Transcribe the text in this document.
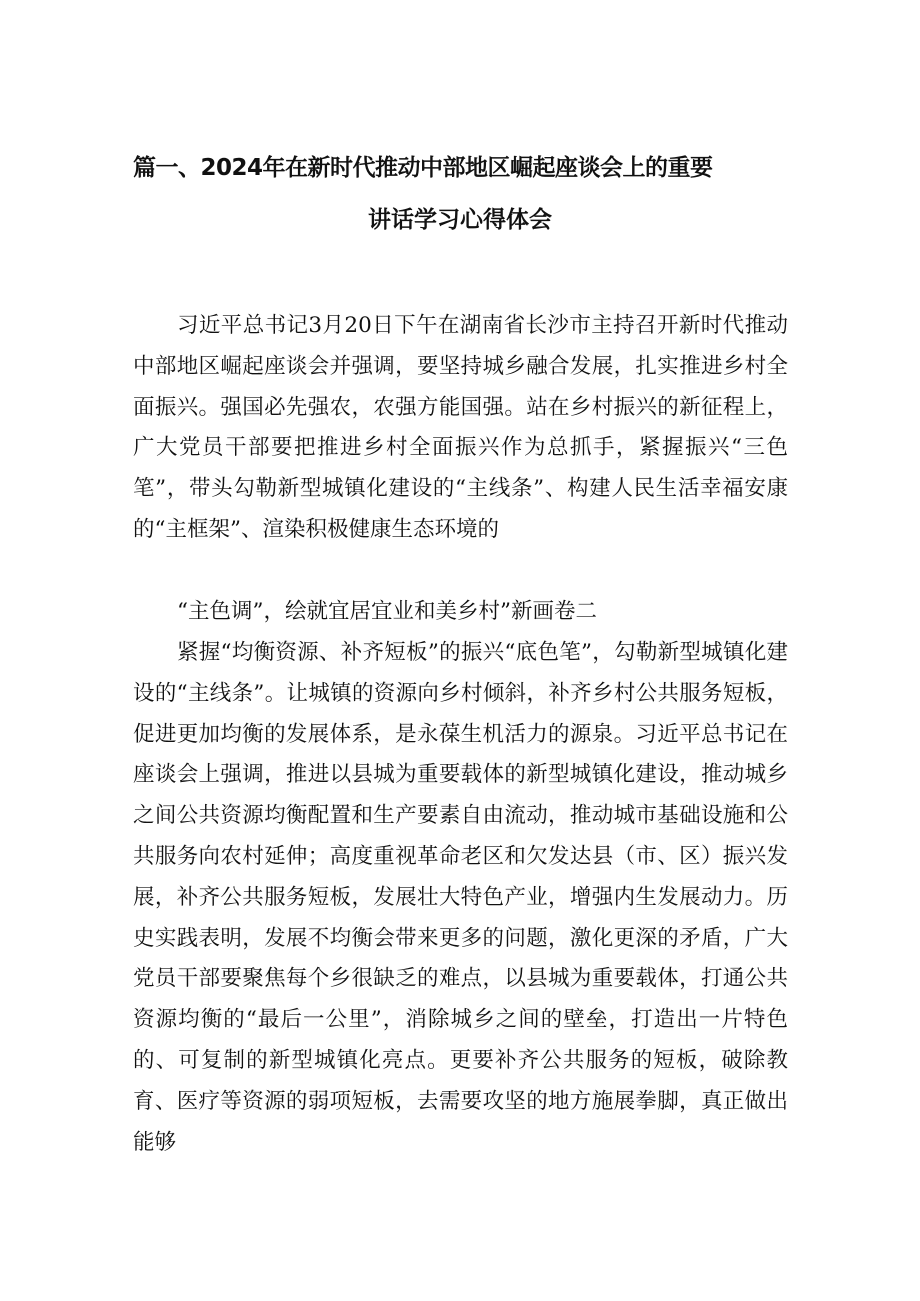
篇一、2024年在新时代推动中部地区崛起座谈会上的重要
讲话学习心得体会

习近平总书记3月20日下午在湖南省长沙市主持召开新时代推动中部地区崛起座谈会并强调，要坚持城乡融合发展，扎实推进乡村全面振兴。强国必先强农，农强方能国强。站在乡村振兴的新征程上，广大党员干部要把推进乡村全面振兴作为总抓手，紧握振兴“三色笔”，带头勾勒新型城镇化建设的“主线条”、构建人民生活幸福安康的“主框架”、渲染积极健康生态环境的

“主色调”，绘就宜居宜业和美乡村”新画卷二

紧握“均衡资源、补齐短板”的振兴“底色笔”，勾勒新型城镇化建设的“主线条”。让城镇的资源向乡村倾斜，补齐乡村公共服务短板，促进更加均衡的发展体系，是永葆生机活力的源泉。习近平总书记在座谈会上强调，推进以县城为重要载体的新型城镇化建设，推动城乡之间公共资源均衡配置和生产要素自由流动，推动城市基础设施和公共服务向农村延伸；高度重视革命老区和欠发达县（市、区）振兴发展，补齐公共服务短板，发展壮大特色产业，增强内生发展动力。历史实践表明，发展不均衡会带来更多的问题，激化更深的矛盾，广大党员干部要聚焦每个乡很缺乏的难点，以县城为重要载体，打通公共资源均衡的“最后一公里”，消除城乡之间的壁垒，打造出一片特色的、可复制的新型城镇化亮点。更要补齐公共服务的短板，破除教育、医疗等资源的弱项短板，去需要攻坚的地方施展拳脚，真正做出能够
